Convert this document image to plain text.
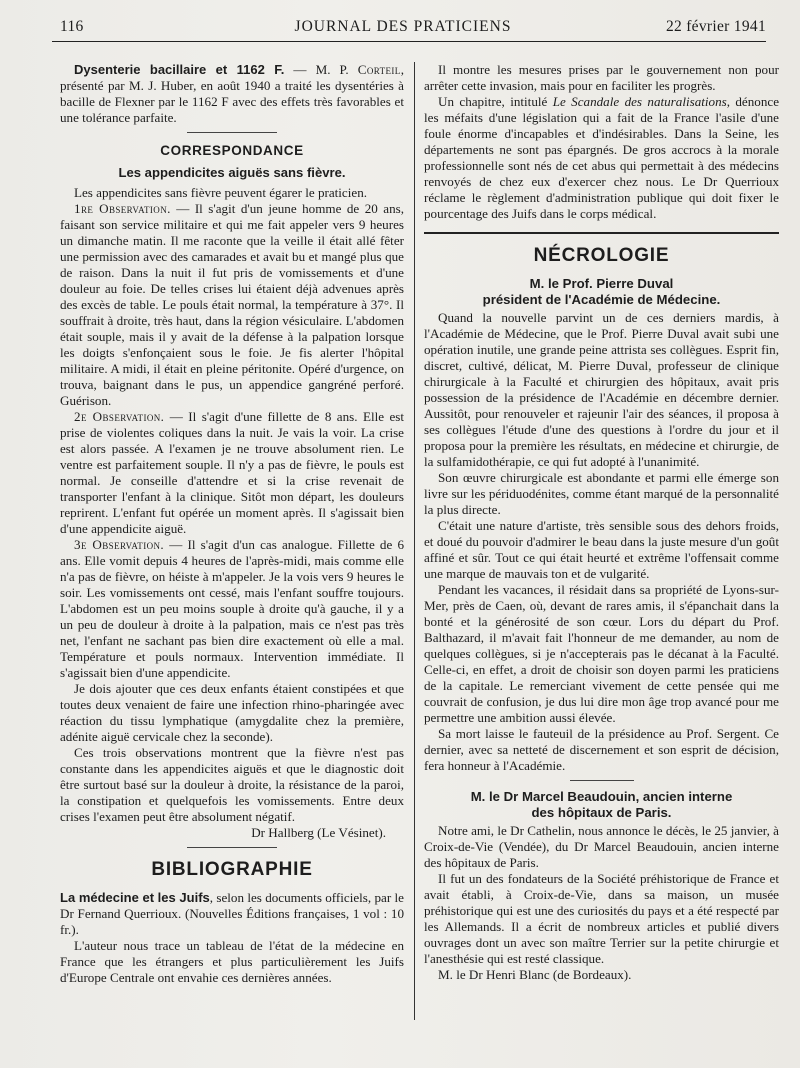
116	JOURNAL DES PRATICIENS	22 février 1941

Dysenterie bacillaire et 1162 F. — M. P. Corteil, présenté par M. J. Huber, en août 1940 a traité les dysentéries à bacille de Flexner par le 1162 F avec des effets très favorables et une tolérance parfaite.

CORRESPONDANCE
Les appendicites aiguës sans fièvre.

Les appendicites sans fièvre peuvent égarer le praticien.

1re Observation. — Il s'agit d'un jeune homme de 20 ans, faisant son service militaire et qui me fait appeler vers 9 heures un dimanche matin. Il me raconte que la veille il était allé fêter une permission avec des camarades et avait bu et mangé plus que de raison. Dans la nuit il fut pris de vomissements et d'une douleur au foie. De telles crises lui étaient déjà advenues après des excès de table. Le pouls était normal, la température à 37°. Il souffrait à droite, très haut, dans la région vésiculaire. L'abdomen était souple, mais il y avait de la défense à la palpation lorsque les doigts s'enfonçaient sous le foie. Je fis alerter l'hôpital militaire. A midi, il était en pleine péritonite. Opéré d'urgence, on trouva, baignant dans le pus, un appendice gangréné perforé. Guérison.

2e Observation. — Il s'agit d'une fillette de 8 ans. Elle est prise de violentes coliques dans la nuit. Je vais la voir. La crise est alors passée. A l'examen je ne trouve absolument rien. Le ventre est parfaitement souple. Il n'y a pas de fièvre, le pouls est normal. Je conseille d'attendre et si la crise revenait de transporter l'enfant à la clinique. Sitôt mon départ, les douleurs reprirent. L'enfant fut opérée un moment après. Il s'agissait bien d'une appendicite aiguë.

3e Observation. — Il s'agit d'un cas analogue. Fillette de 6 ans. Elle vomit depuis 4 heures de l'après-midi, mais comme elle n'a pas de fièvre, on héiste à m'appeler. Je la vois vers 9 heures le soir. Les vomissements ont cessé, mais l'enfant souffre toujours. L'abdomen est un peu moins souple à droite qu'à gauche, il y a un peu de douleur à droite à la palpation, mais ce n'est pas très net, l'enfant ne sachant pas bien dire exactement où elle a mal. Température et pouls normaux. Intervention immédiate. Il s'agissait bien d'une appendicite.

Je dois ajouter que ces deux enfants étaient constipées et que toutes deux venaient de faire une infection rhino-pharingée avec réaction du tissu lymphatique (amygdalite chez la première, adénite aiguë cervicale chez la seconde).

Ces trois observations montrent que la fièvre n'est pas constante dans les appendicites aiguës et que le diagnostic doit être surtout basé sur la douleur à droite, la résistance de la paroi, la constipation et quelquefois les vomissements. Entre deux crises l'examen peut être absolument négatif.

Dr Hallberg (Le Vésinet).

BIBLIOGRAPHIE

La médecine et les Juifs, selon les documents officiels, par le Dr Fernand Querrioux. (Nouvelles Éditions françaises, 1 vol : 10 fr.).

L'auteur nous trace un tableau de l'état de la médecine en France que les étrangers et plus particulièrement les Juifs d'Europe Centrale ont envahie ces dernières années.

Il montre les mesures prises par le gouvernement non pour arrêter cette invasion, mais pour en faciliter les progrès.

Un chapitre, intitulé Le Scandale des naturalisations, dénonce les méfaits d'une législation qui a fait de la France l'asile d'une foule énorme d'incapables et d'indésirables. Dans la Seine, les départements ne sont pas épargnés. De gros accrocs à la morale professionnelle sont nés de cet abus qui permettait à des médecins renvoyés de chez eux d'exercer chez nous. Le Dr Querrioux réclame le règlement d'administration publique qui doit fixer le pourcentage des Juifs dans le corps médical.

NÉCROLOGIE
M. le Prof. Pierre Duval
président de l'Académie de Médecine.

Quand la nouvelle parvint un de ces derniers mardis, à l'Académie de Médecine, que le Prof. Pierre Duval avait subi une opération inutile, une grande peine attrista ses collègues. Esprit fin, discret, cultivé, délicat, M. Pierre Duval, professeur de clinique chirurgicale à la Faculté et chirurgien des hôpitaux, avait pris possession de la présidence de l'Académie en décembre dernier. Aussitôt, pour renouveler et rajeunir l'air des séances, il proposa à ses collègues l'étude d'une des questions à l'ordre du jour et il proposa pour la première les résultats, en médecine et chirurgie, de la sulfamidothérapie, ce qui fut adopté à l'unanimité.

Son œuvre chirurgicale est abondante et parmi elle émerge son livre sur les périduodénites, comme étant marqué de la personnalité la plus directe.

C'était une nature d'artiste, très sensible sous des dehors froids, et doué du pouvoir d'admirer le beau dans la juste mesure d'un goût affiné et sûr. Tout ce qui était heurté et extrême l'offensait comme une marque de mauvais ton et de vulgarité.

Pendant les vacances, il résidait dans sa propriété de Lyons-sur-Mer, près de Caen, où, devant de rares amis, il s'épanchait dans la bonté et la générosité de son cœur. Lors du départ du Prof. Balthazard, il m'avait fait l'honneur de me demander, au nom de quelques collègues, si je n'accepterais pas le décanat à la Faculté. Celle-ci, en effet, a droit de choisir son doyen parmi les praticiens de la capitale. Le remerciant vivement de cette pensée qui me couvrait de confusion, je dus lui dire mon âge trop avancé pour me permettre une ambition aussi élevée.

Sa mort laisse le fauteuil de la présidence au Prof. Sergent. Ce dernier, avec sa netteté de discernement et son esprit de décision, fera honneur à l'Académie.

M. le Dr Marcel Beaudouin, ancien interne
des hôpitaux de Paris.

Notre ami, le Dr Cathelin, nous annonce le décès, le 25 janvier, à Croix-de-Vie (Vendée), du Dr Marcel Beaudouin, ancien interne des hôpitaux de Paris.

Il fut un des fondateurs de la Société préhistorique de France et avait établi, à Croix-de-Vie, dans sa maison, un musée préhistorique qui est une des curiosités du pays et a été respecté par les Allemands. Il a écrit de nombreux articles et publié divers ouvrages dont un avec son maître Terrier sur la petite chirurgie et l'anesthésie qui est resté classique.

M. le Dr Henri Blanc (de Bordeaux).
